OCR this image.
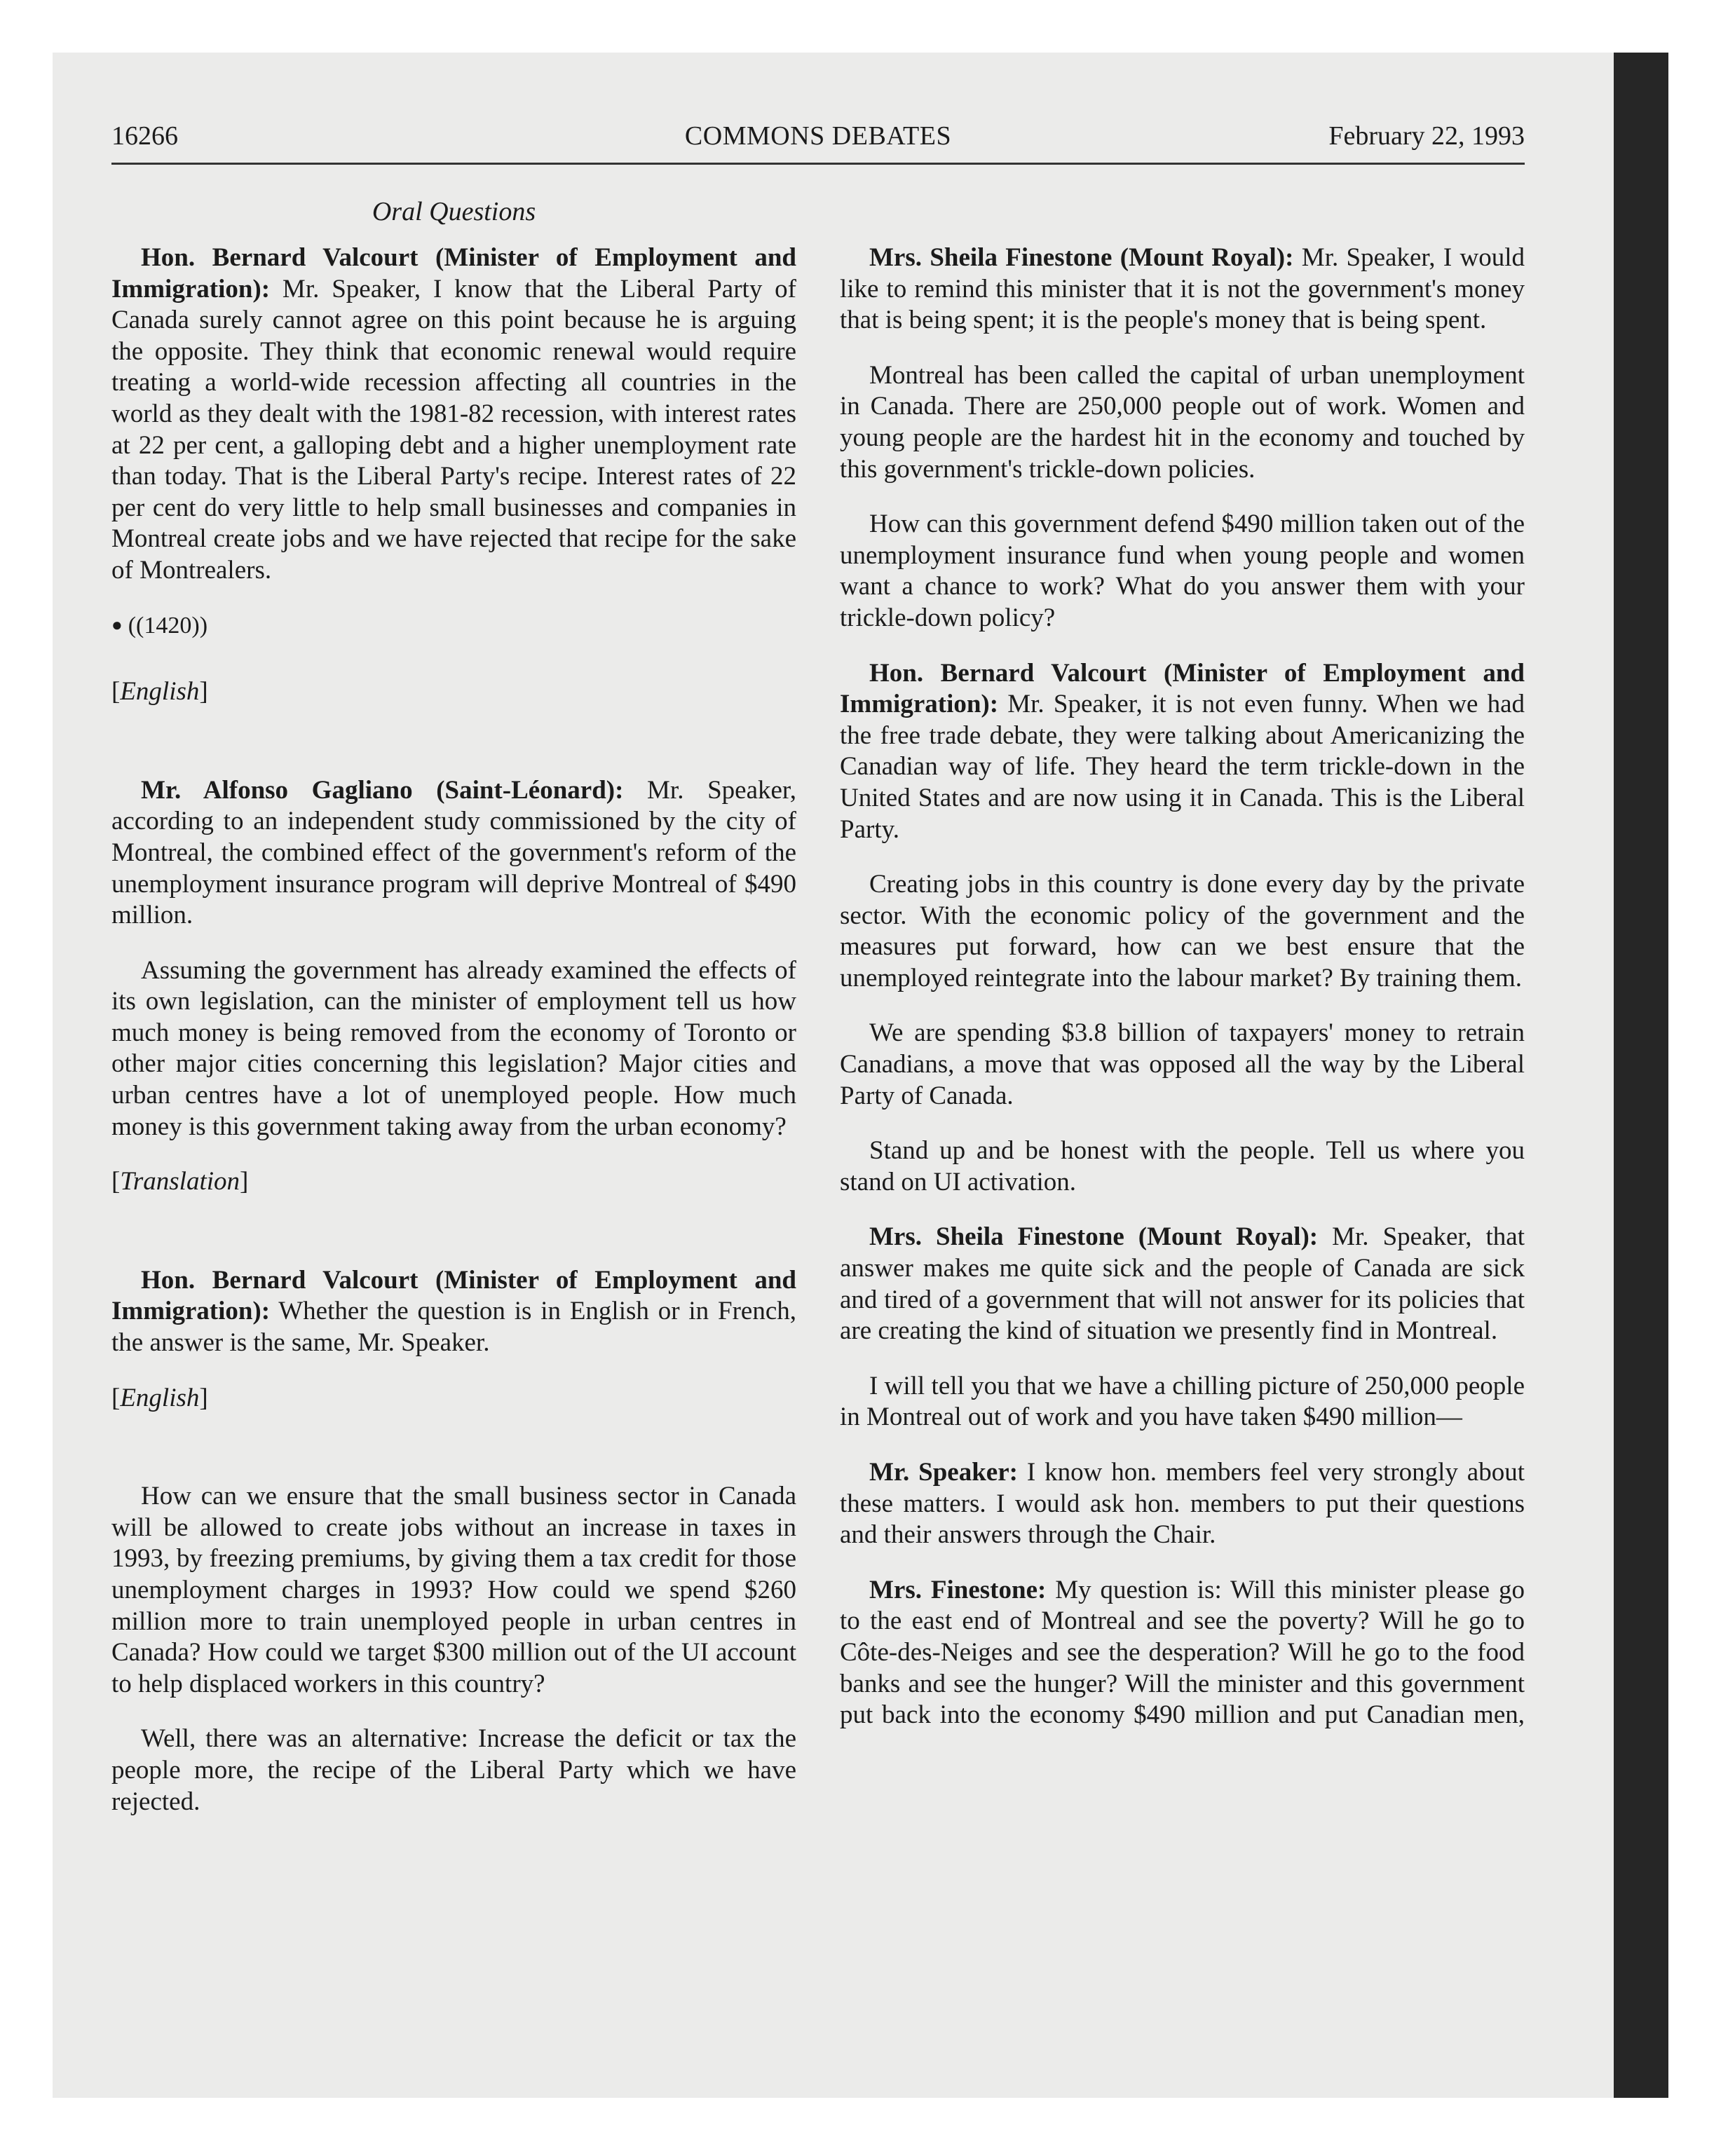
16266	COMMONS DEBATES	February 22, 1993
Oral Questions

Hon. Bernard Valcourt (Minister of Employment and Immigration): Mr. Speaker, I know that the Liberal Party of Canada surely cannot agree on this point because he is arguing the opposite. They think that economic renewal would require treating a world-wide recession affecting all countries in the world as they dealt with the 1981-82 recession, with interest rates at 22 per cent, a galloping debt and a higher unemployment rate than today. That is the Liberal Party's recipe. Interest rates of 22 per cent do very little to help small businesses and companies in Montreal create jobs and we have rejected that recipe for the sake of Montrealers.

● ((1420))

[English]

Mr. Alfonso Gagliano (Saint-Léonard): Mr. Speaker, according to an independent study commissioned by the city of Montreal, the combined effect of the government's reform of the unemployment insurance program will deprive Montreal of $490 million.

Assuming the government has already examined the effects of its own legislation, can the minister of employment tell us how much money is being removed from the economy of Toronto or other major cities concerning this legislation? Major cities and urban centres have a lot of unemployed people. How much money is this government taking away from the urban economy?

[Translation]

Hon. Bernard Valcourt (Minister of Employment and Immigration): Whether the question is in English or in French, the answer is the same, Mr. Speaker.

[English]

How can we ensure that the small business sector in Canada will be allowed to create jobs without an increase in taxes in 1993, by freezing premiums, by giving them a tax credit for those unemployment charges in 1993? How could we spend $260 million more to train unemployed people in urban centres in Canada? How could we target $300 million out of the UI account to help displaced workers in this country?

Well, there was an alternative: Increase the deficit or tax the people more, the recipe of the Liberal Party which we have rejected.

Mrs. Sheila Finestone (Mount Royal): Mr. Speaker, I would like to remind this minister that it is not the government's money that is being spent; it is the people's money that is being spent.

Montreal has been called the capital of urban unemployment in Canada. There are 250,000 people out of work. Women and young people are the hardest hit in the economy and touched by this government's trickle-down policies.

How can this government defend $490 million taken out of the unemployment insurance fund when young people and women want a chance to work? What do you answer them with your trickle-down policy?

Hon. Bernard Valcourt (Minister of Employment and Immigration): Mr. Speaker, it is not even funny. When we had the free trade debate, they were talking about Americanizing the Canadian way of life. They heard the term trickle-down in the United States and are now using it in Canada. This is the Liberal Party.

Creating jobs in this country is done every day by the private sector. With the economic policy of the government and the measures put forward, how can we best ensure that the unemployed reintegrate into the labour market? By training them.

We are spending $3.8 billion of taxpayers' money to retrain Canadians, a move that was opposed all the way by the Liberal Party of Canada.

Stand up and be honest with the people. Tell us where you stand on UI activation.

Mrs. Sheila Finestone (Mount Royal): Mr. Speaker, that answer makes me quite sick and the people of Canada are sick and tired of a government that will not answer for its policies that are creating the kind of situation we presently find in Montreal.

I will tell you that we have a chilling picture of 250,000 people in Montreal out of work and you have taken $490 million—

Mr. Speaker: I know hon. members feel very strongly about these matters. I would ask hon. members to put their questions and their answers through the Chair.

Mrs. Finestone: My question is: Will this minister please go to the east end of Montreal and see the poverty? Will he go to Côte-des-Neiges and see the desperation? Will he go to the food banks and see the hunger? Will the minister and this government put back into the economy $490 million and put Canadian men,
